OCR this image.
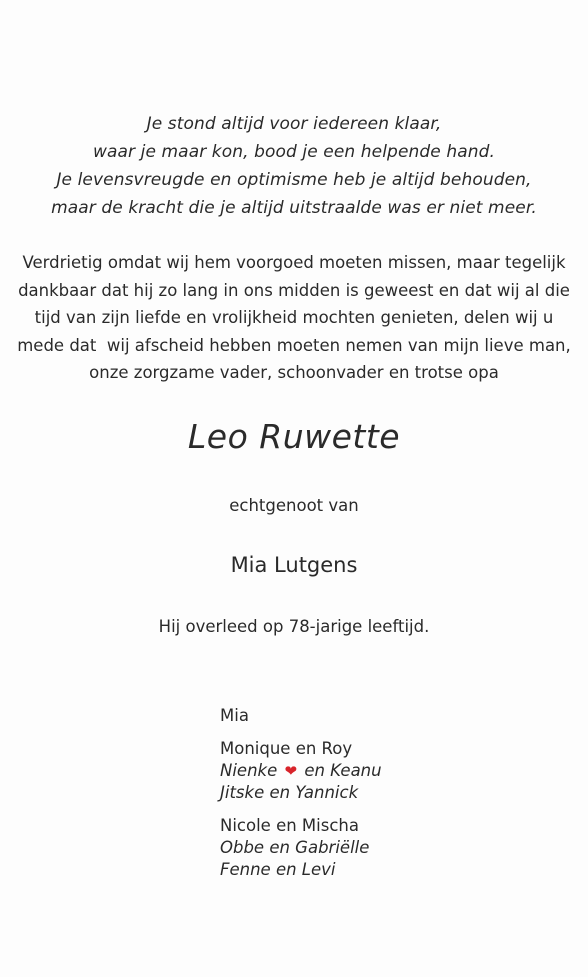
Je stond altijd voor iedereen klaar,
waar je maar kon, bood je een helpende hand.
Je levensvreugde en optimisme heb je altijd behouden,
maar de kracht die je altijd uitstraalde was er niet meer.
Verdrietig omdat wij hem voorgoed moeten missen, maar tegelijk
dankbaar dat hij zo lang in ons midden is geweest en dat wij al die
tijd van zijn liefde en vrolijkheid mochten genieten, delen wij u
mede dat  wij afscheid hebben moeten nemen van mijn lieve man,
onze zorgzame vader, schoonvader en trotse opa
Leo Ruwette
echtgenoot van
Mia Lutgens
Hij overleed op 78-jarige leeftijd.
Mia
Monique en Roy
Nienke ❤ en Keanu
Jitske en Yannick
Nicole en Mischa
Obbe en Gabriëlle
Fenne en Levi
